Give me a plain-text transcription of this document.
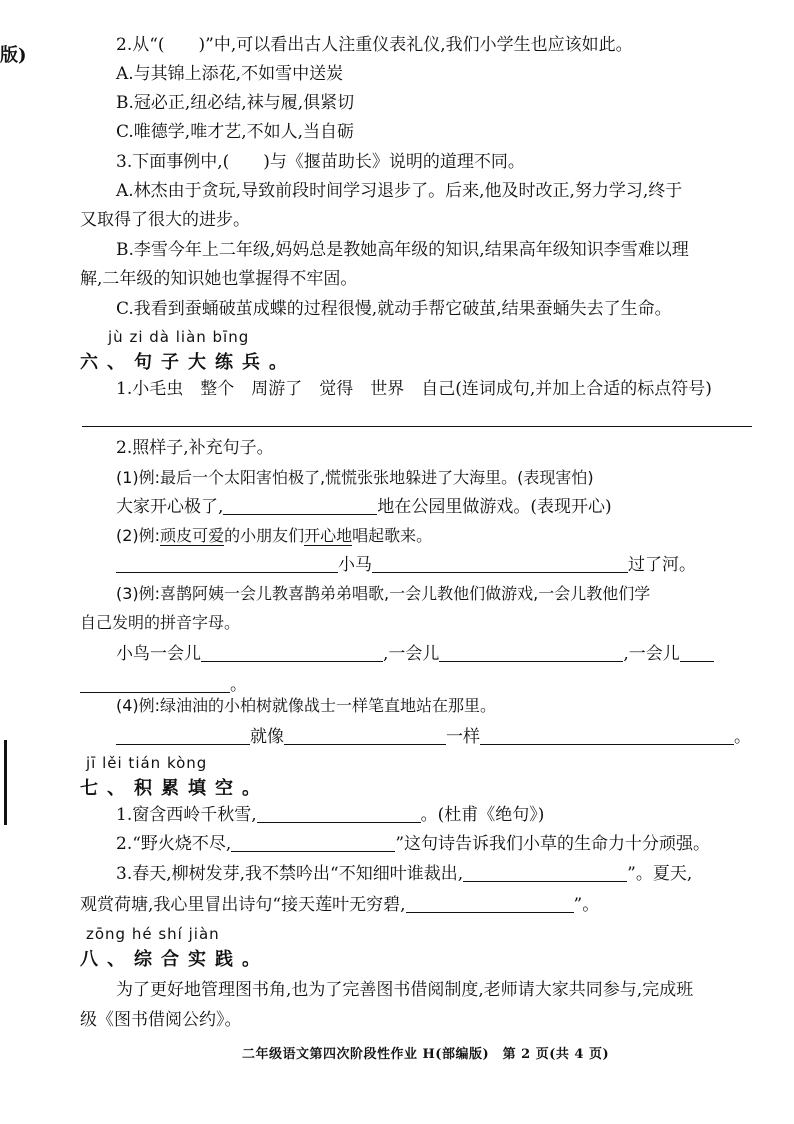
版)	2.从“(　　)”中,可以看出古人注重仪表礼仪,我们小学生也应该如此。
A.与其锦上添花,不如雪中送炭
B.冠必正,纽必结,袜与履,俱紧切
C.唯德学,唯才艺,不如人,当自砺
3.下面事例中,(　　)与《揠苗助长》说明的道理不同。
A.林杰由于贪玩,导致前段时间学习退步了。后来,他及时改正,努力学习,终于
又取得了很大的进步。
B.李雪今年上二年级,妈妈总是教她高年级的知识,结果高年级知识李雪难以理
解,二年级的知识她也掌握得不牢固。
C.我看到蚕蛹破茧成蝶的过程很慢,就动手帮它破茧,结果蚕蛹失去了生命。
jù zi dà liàn bīng
六、句子大练兵。
1.小毛虫　整个　周游了　觉得　世界　自己(连词成句,并加上合适的标点符号)
2.照样子,补充句子。
(1)例:最后一个太阳害怕极了,慌慌张张地躲进了大海里。(表现害怕)
大家开心极了,	地在公园里做游戏。(表现开心)
(2)例:顽皮可爱的小朋友们开心地唱起歌来。
小马	过了河。
(3)例:喜鹊阿姨一会儿教喜鹊弟弟唱歌,一会儿教他们做游戏,一会儿教他们学
自己发明的拼音字母。
小鸟一会儿	,一会儿	,一会儿
。
(4)例:绿油油的小柏树就像战士一样笔直地站在那里。
就像	一样	。
jī lěi tián kòng
七、积累填空。
1.窗含西岭千秋雪,	。(杜甫《绝句》)
2.“野火烧不尽,	”这句诗告诉我们小草的生命力十分顽强。
3.春天,柳树发芽,我不禁吟出“不知细叶谁裁出,	”。夏天,
观赏荷塘,我心里冒出诗句“接天莲叶无穷碧,	”。
zōng hé shí jiàn
八、综合实践。
为了更好地管理图书角,也为了完善图书借阅制度,老师请大家共同参与,完成班
级《图书借阅公约》。
二年级语文第四次阶段性作业 H(部编版)　第 2 页(共 4 页)
